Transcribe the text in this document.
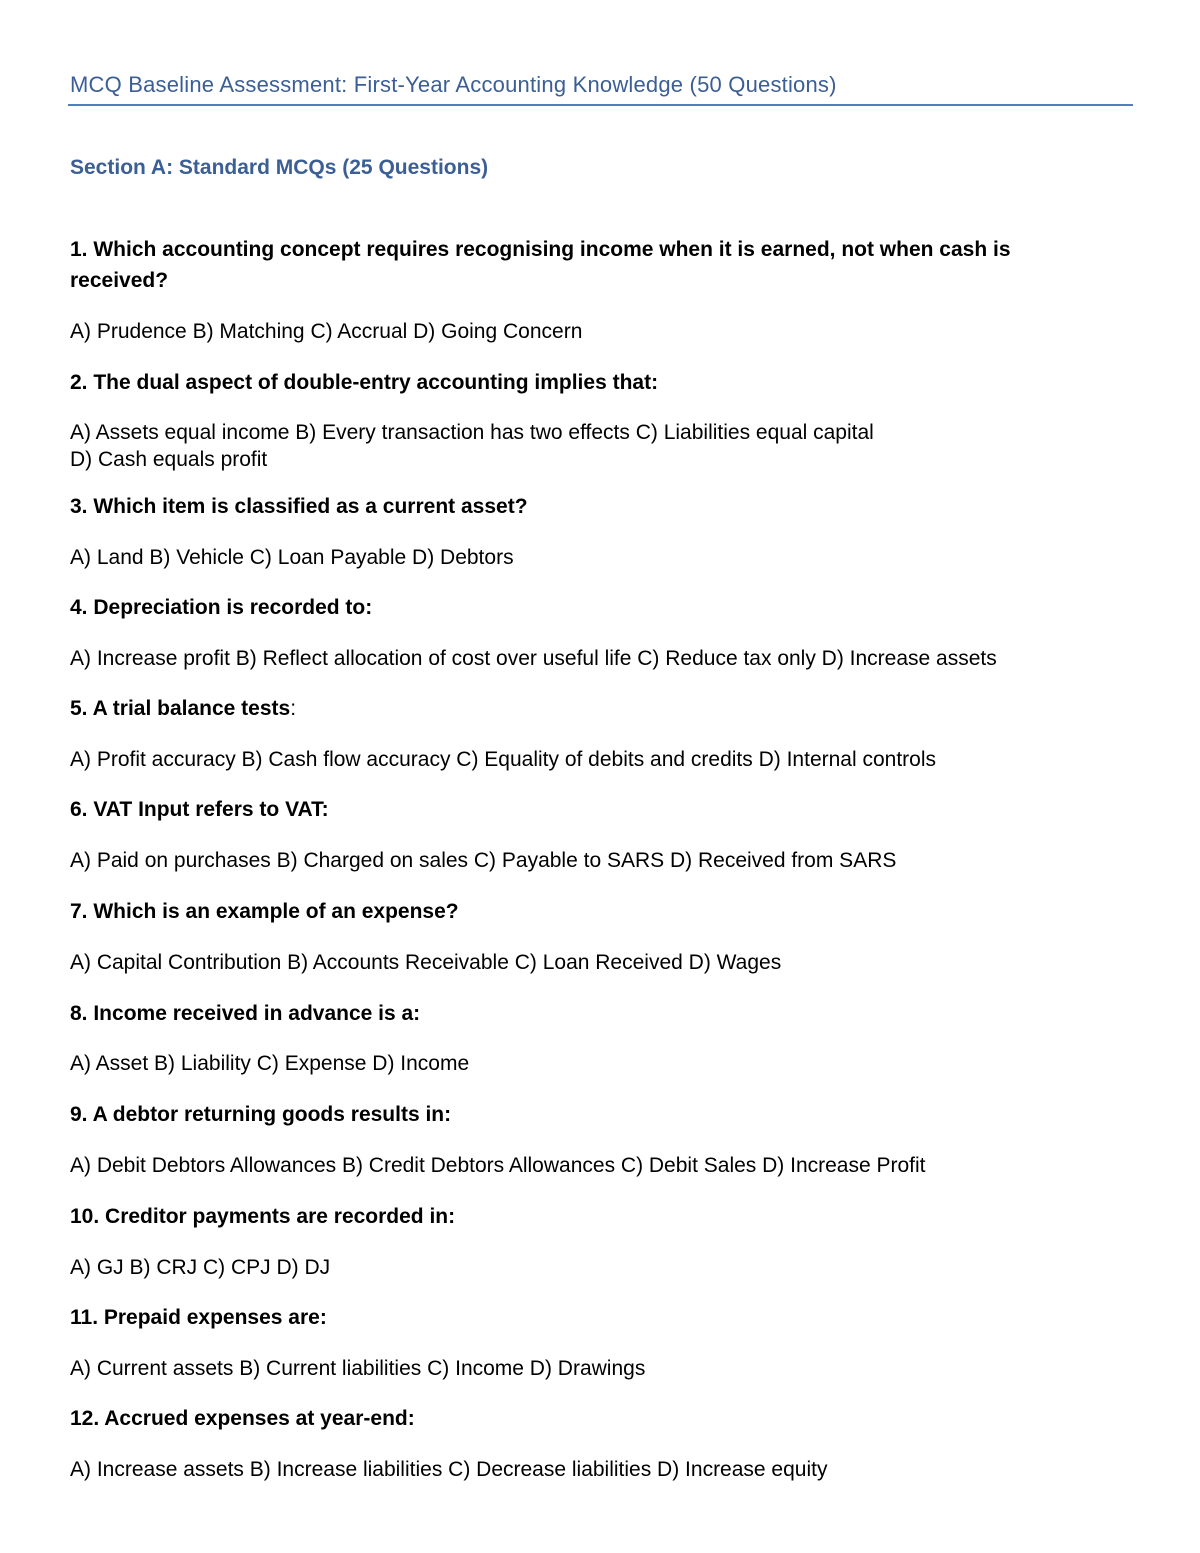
MCQ Baseline Assessment: First-Year Accounting Knowledge (50 Questions)
Section A: Standard MCQs (25 Questions)
1. Which accounting concept requires recognising income when it is earned, not when cash is
received?
A) Prudence B) Matching C) Accrual D) Going Concern
2. The dual aspect of double-entry accounting implies that:
A) Assets equal income B) Every transaction has two effects C) Liabilities equal capital
D) Cash equals profit
3. Which item is classified as a current asset?
A) Land B) Vehicle C) Loan Payable D) Debtors
4. Depreciation is recorded to:
A) Increase profit B) Reflect allocation of cost over useful life C) Reduce tax only D) Increase assets
5. A trial balance tests:
A) Profit accuracy B) Cash flow accuracy C) Equality of debits and credits D) Internal controls
6. VAT Input refers to VAT:
A) Paid on purchases B) Charged on sales C) Payable to SARS D) Received from SARS
7. Which is an example of an expense?
A) Capital Contribution B) Accounts Receivable C) Loan Received D) Wages
8. Income received in advance is a:
A) Asset B) Liability C) Expense D) Income
9. A debtor returning goods results in:
A) Debit Debtors Allowances B) Credit Debtors Allowances C) Debit Sales D) Increase Profit
10. Creditor payments are recorded in:
A) GJ B) CRJ C) CPJ D) DJ
11. Prepaid expenses are:
A) Current assets B) Current liabilities C) Income D) Drawings
12. Accrued expenses at year-end:
A) Increase assets B) Increase liabilities C) Decrease liabilities D) Increase equity
